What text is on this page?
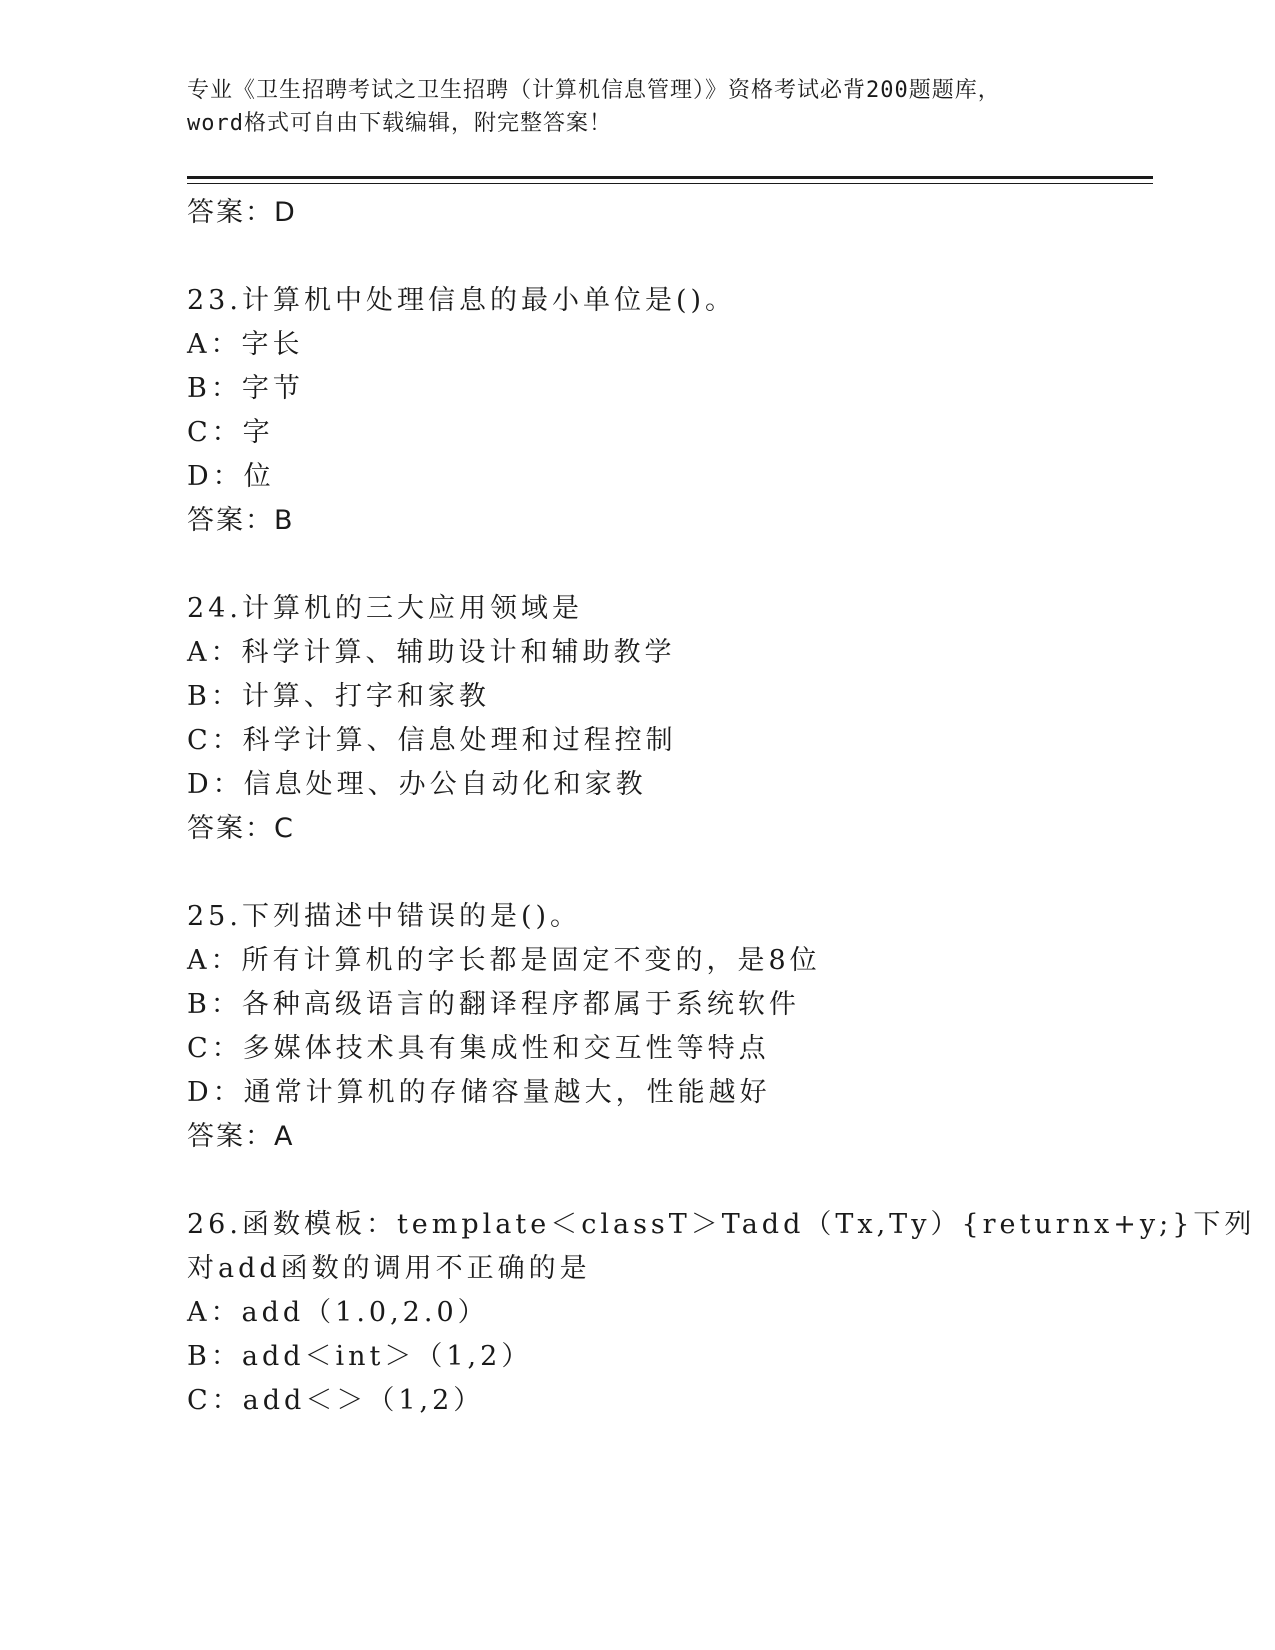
专业《卫生招聘考试之卫生招聘（计算机信息管理）》资格考试必背200题题库，
word格式可自由下载编辑，附完整答案！
答案：D
23.计算机中处理信息的最小单位是()。
A：字长
B：字节
C：字
D：位
答案：B
24.计算机的三大应用领域是
A：科学计算、辅助设计和辅助教学
B：计算、打字和家教
C：科学计算、信息处理和过程控制
D：信息处理、办公自动化和家教
答案：C
25.下列描述中错误的是()。
A：所有计算机的字长都是固定不变的，是8位
B：各种高级语言的翻译程序都属于系统软件
C：多媒体技术具有集成性和交互性等特点
D：通常计算机的存储容量越大，性能越好
答案：A
26.函数模板：template＜classT＞Tadd（Tx,Ty）{returnx+y;}下列
对add函数的调用不正确的是
A：add（1.0,2.0）
B：add＜int＞（1,2）
C：add＜＞（1,2）
